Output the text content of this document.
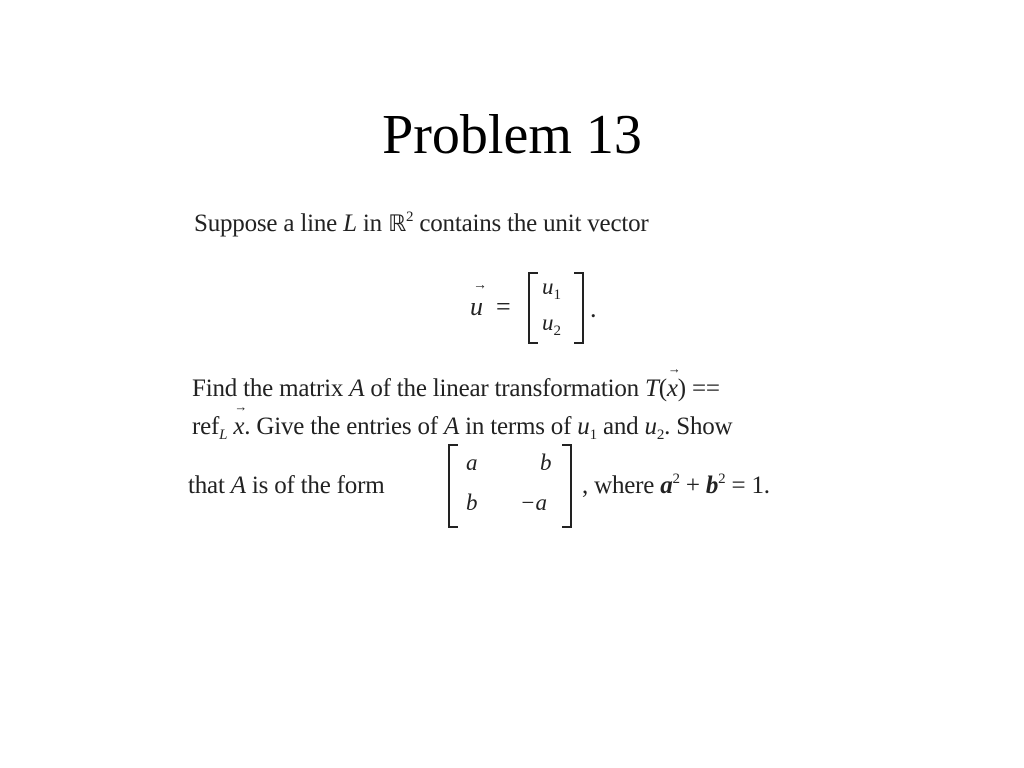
Problem 13
Suppose a line L in ℝ$^2$ contains the unit vector
→
u =
$u_1$
$u_2$
.
Find the matrix A of the linear transformation T(x
→
) ==
ref$_L$ x
→
. Give the entries of A in terms of $u_1$ and $u_2$. Show
that A is of the form
a	b
b −a
, where $a^2 + b^2 = 1$.
